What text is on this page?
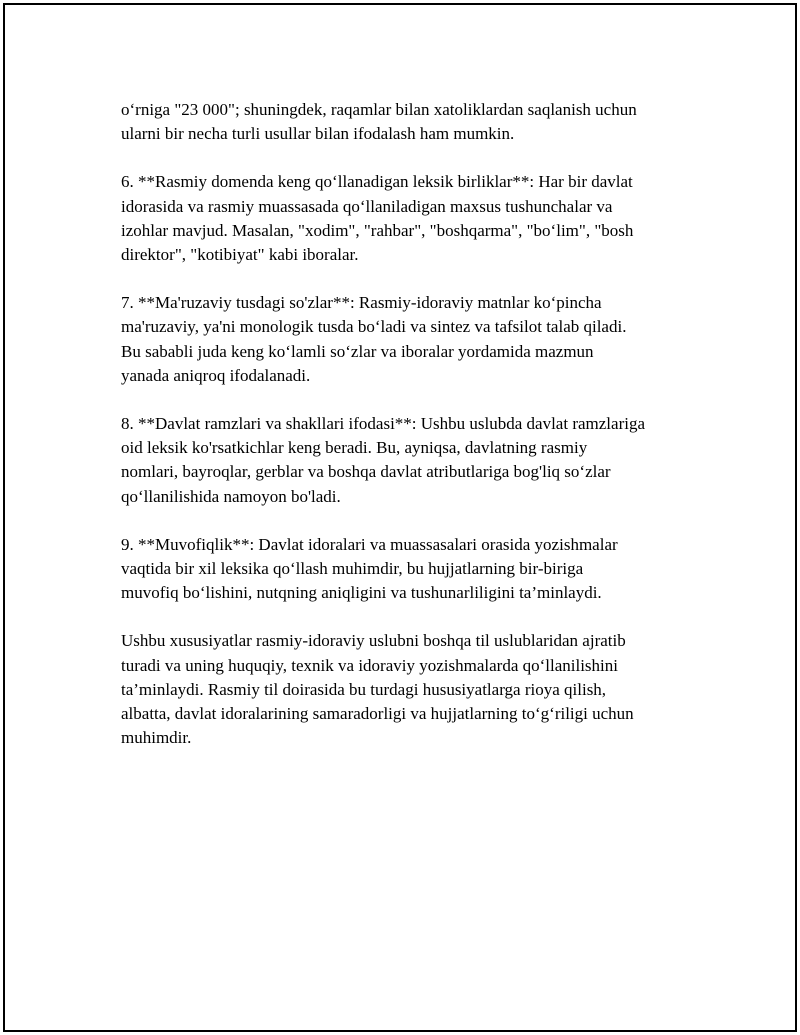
o‘rniga "23 000"; shuningdek, raqamlar bilan xatoliklardan saqlanish uchun
ularni bir necha turli usullar bilan ifodalash ham mumkin.

6. **Rasmiy domenda keng qo‘llanadigan leksik birliklar**: Har bir davlat
idorasida va rasmiy muassasada qo‘llaniladigan maxsus tushunchalar va
izohlar mavjud. Masalan, "xodim", "rahbar", "boshqarma", "bo‘lim", "bosh
direktor", "kotibiyat" kabi iboralar.

7. **Ma'ruzaviy tusdagi so'zlar**: Rasmiy-idoraviy matnlar ko‘pincha
ma'ruzaviy, ya'ni monologik tusda bo‘ladi va sintez va tafsilot talab qiladi.
Bu sababli juda keng ko‘lamli so‘zlar va iboralar yordamida mazmun
yanada aniqroq ifodalanadi.

8. **Davlat ramzlari va shakllari ifodasi**: Ushbu uslubda davlat ramzlariga
oid leksik ko'rsatkichlar keng beradi. Bu, ayniqsa, davlatning rasmiy
nomlari, bayroqlar, gerblar va boshqa davlat atributlariga bog'liq so‘zlar
qo‘llanilishida namoyon bo'ladi.

9. **Muvofiqlik**: Davlat idoralari va muassasalari orasida yozishmalar
vaqtida bir xil leksika qo‘llash muhimdir, bu hujjatlarning bir-biriga
muvofiq bo‘lishini, nutqning aniqligini va tushunarliligini ta’minlaydi.

Ushbu xususiyatlar rasmiy-idoraviy uslubni boshqa til uslublaridan ajratib
turadi va uning huquqiy, texnik va idoraviy yozishmalarda qo‘llanilishini
ta’minlaydi. Rasmiy til doirasida bu turdagi hususiyatlarga rioya qilish,
albatta, davlat idoralarining samaradorligi va hujjatlarning to‘g‘riligi uchun
muhimdir.
